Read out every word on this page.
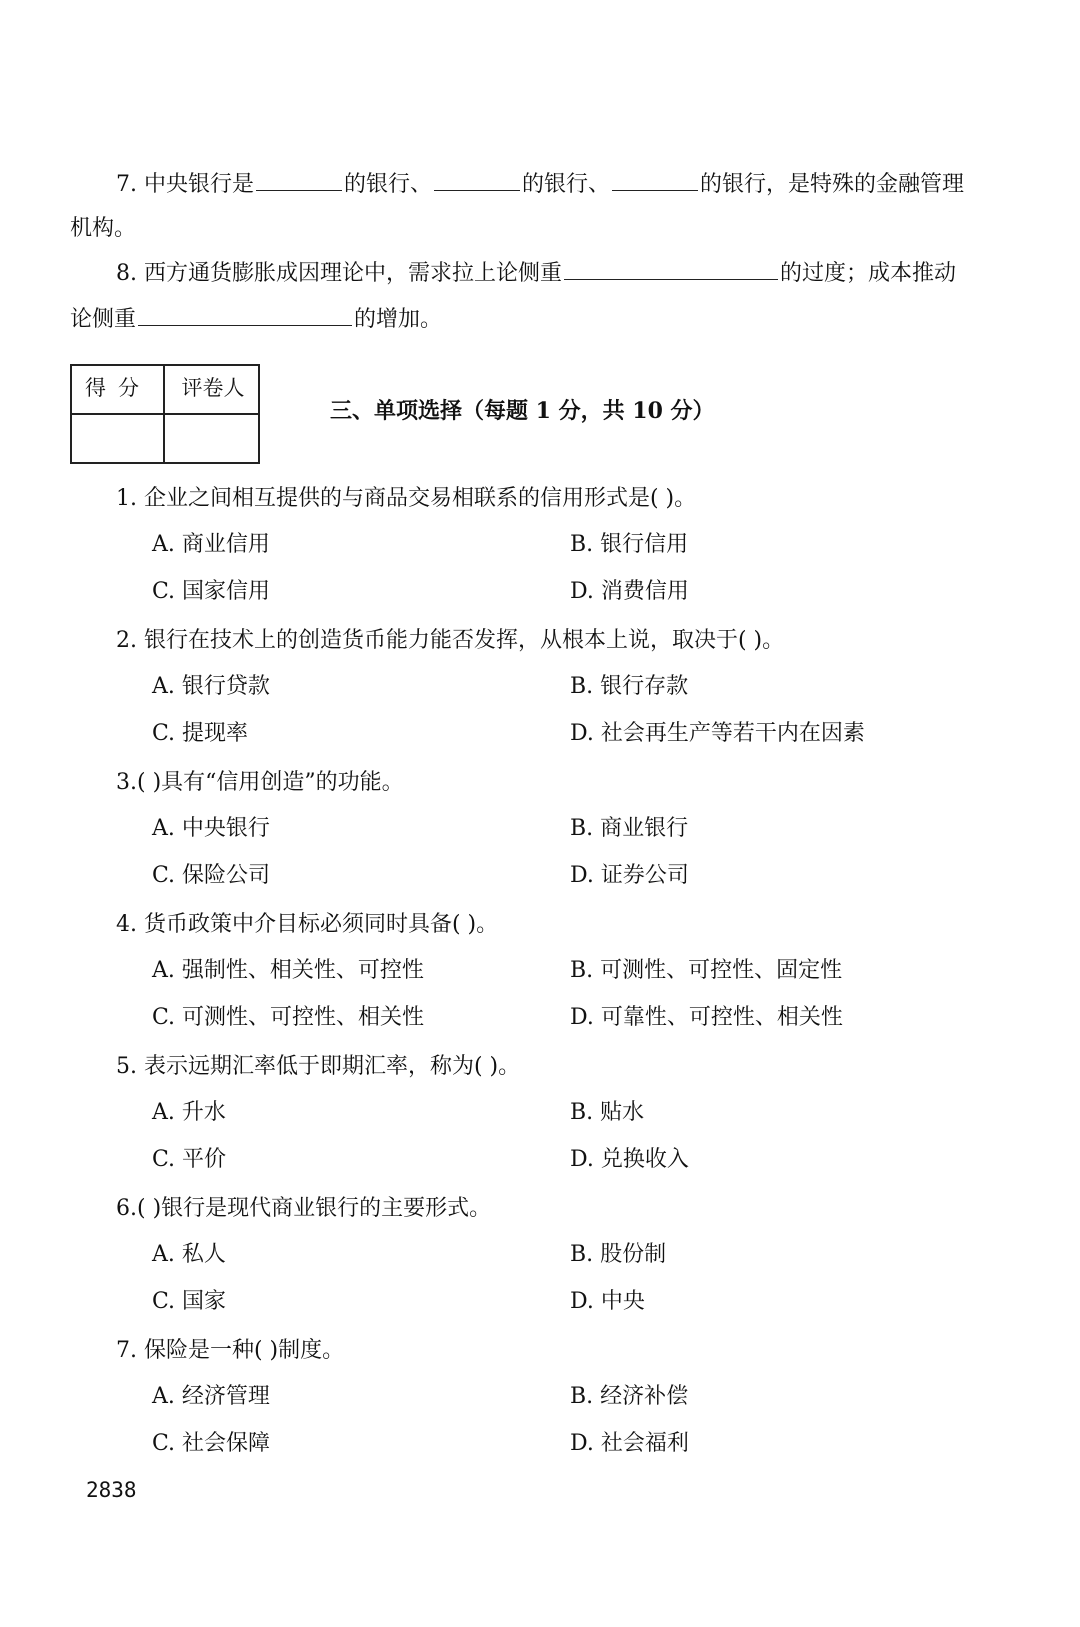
7. 中央银行是	的银行、	的银行、	的银行，是特殊的金融管理
机构。
8. 西方通货膨胀成因理论中，需求拉上论侧重	的过度；成本推动
论侧重	的增加。
得分	评卷人
三、单项选择（每题 1 分，共 10 分）
1. 企业之间相互提供的与商品交易相联系的信用形式是( )。
A. 商业信用	B. 银行信用
C. 国家信用	D. 消费信用
2. 银行在技术上的创造货币能力能否发挥，从根本上说，取决于( )。
A. 银行贷款	B. 银行存款
C. 提现率	D. 社会再生产等若干内在因素
3.( )具有“信用创造”的功能。
A. 中央银行	B. 商业银行
C. 保险公司	D. 证券公司
4. 货币政策中介目标必须同时具备( )。
A. 强制性、相关性、可控性	B. 可测性、可控性、固定性
C. 可测性、可控性、相关性	D. 可靠性、可控性、相关性
5. 表示远期汇率低于即期汇率，称为( )。
A. 升水	B. 贴水
C. 平价	D. 兑换收入
6.( )银行是现代商业银行的主要形式。
A. 私人	B. 股份制
C. 国家	D. 中央
7. 保险是一种( )制度。
A. 经济管理	B. 经济补偿
C. 社会保障	D. 社会福利
2838
